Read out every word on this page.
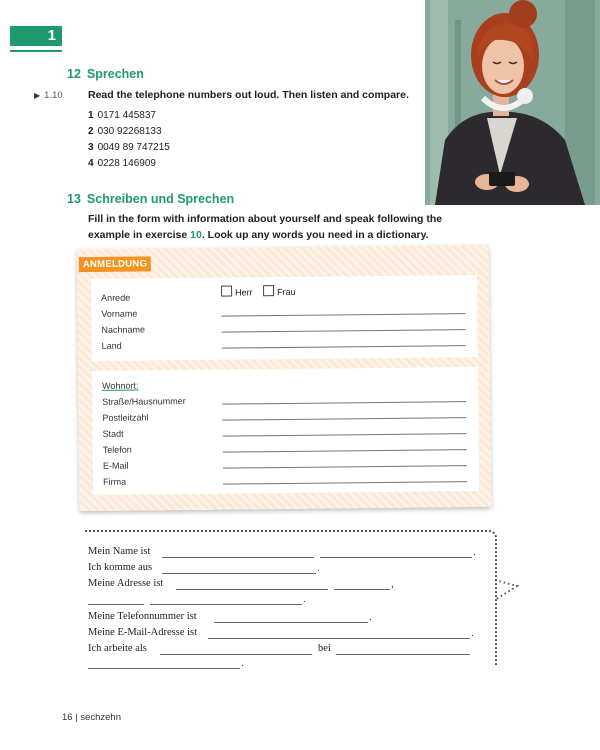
1
12 Sprechen
▶ 1.10 Read the telephone numbers out loud. Then listen and compare.
1 0171 445837
2 030 92268133
3 0049 89 747215
4 0228 146909
13 Schreiben und Sprechen
Fill in the form with information about yourself and speak following the
example in exercise 10. Look up any words you need in a dictionary.
ANMELDUNG
Anrede
Herr	Frau
Vorname
Nachname
Land
Wohnort:
Straße/Hausnummer
Postleitzahl
Stadt
Telefon
E-Mail
Firma
Mein Name ist	.
Ich komme aus	.
Meine Adresse ist	,
.
Meine Telefonnummer ist	.
Meine E-Mail-Adresse ist	.
Ich arbeite als	bei
.
16 | sechzehn
